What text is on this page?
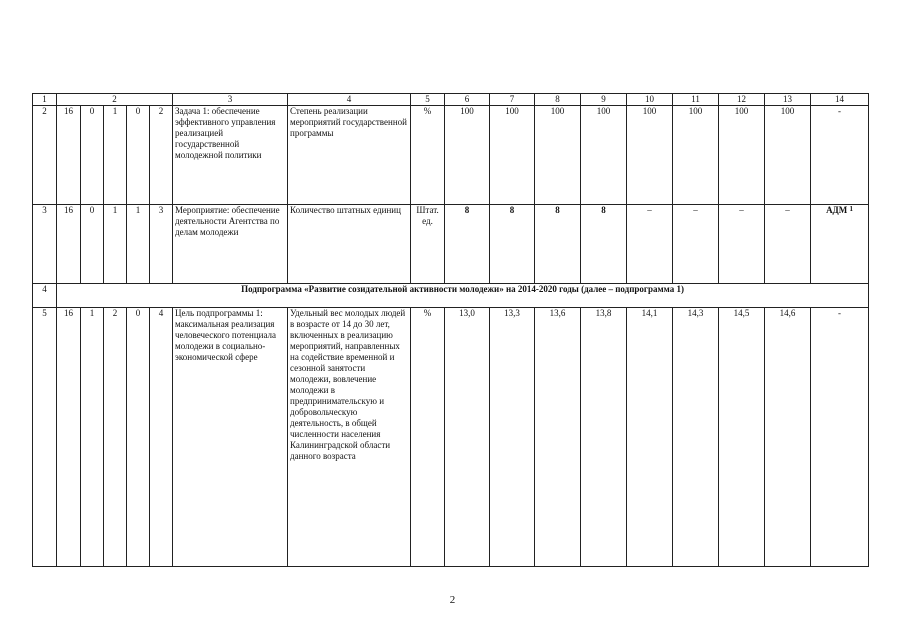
1	2					3	4	5	6	7	8	9	10	11	12	13	14
2	16	0	1	0	2	Задача 1: обеспечение эффективного управления реализацией государственной молодежной политики	Степень реализации мероприятий государственной программы	%	100	100	100	100	100	100	100	100	-
3	16	0	1	1	3	Мероприятие: обеспечение деятельности Агентства по делам молодежи	Количество штатных единиц	Штат. ед.	8	8	8	8	–	–	–	–	АДМ $^1$
4	Подпрограмма «Развитие созидательной активности молодежи» на 2014-2020 годы (далее – подпрограмма 1)																
5	16	1	2	0	4	Цель подпрограммы 1: максимальная реализация человеческого потенциала молодежи в социально-экономической сфере	Удельный вес молодых людей в возрасте от 14 до 30 лет, включенных в реализацию мероприятий, направленных на содействие временной и сезонной занятости молодежи, вовлечение молодежи в предпринимательскую и добровольческую деятельность, в общей численности населения Калининградской области данного возраста	%	13,0	13,3	13,6	13,8	14,1	14,3	14,5	14,6	-
2
